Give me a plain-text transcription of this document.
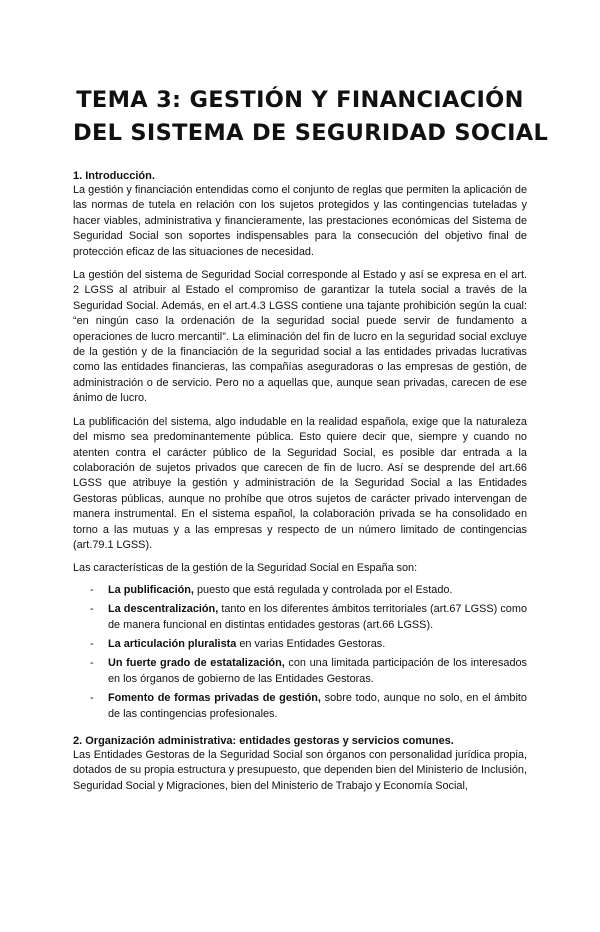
TEMA 3: GESTIÓN Y FINANCIACIÓN
DEL SISTEMA DE SEGURIDAD SOCIAL
1. Introducción.

La gestión y financiación entendidas como el conjunto de reglas que permiten la aplicación de las normas de tutela en relación con los sujetos protegidos y las contingencias tuteladas y hacer viables, administrativa y financieramente, las prestaciones económicas del Sistema de Seguridad Social son soportes indispensables para la consecución del objetivo final de protección eficaz de las situaciones de necesidad.

La gestión del sistema de Seguridad Social corresponde al Estado y así se expresa en el art. 2 LGSS al atribuir al Estado el compromiso de garantizar la tutela social a través de la Seguridad Social. Además, en el art.4.3 LGSS contiene una tajante prohibición según la cual: “en ningún caso la ordenación de la seguridad social puede servir de fundamento a operaciones de lucro mercantil”. La eliminación del fin de lucro en la seguridad social excluye de la gestión y de la financiación de la seguridad social a las entidades privadas lucrativas como las entidades financieras, las compañías aseguradoras o las empresas de gestión, de administración o de servicio. Pero no a aquellas que, aunque sean privadas, carecen de ese ánimo de lucro.

La publificación del sistema, algo indudable en la realidad española, exige que la naturaleza del mismo sea predominantemente pública. Esto quiere decir que, siempre y cuando no atenten contra el carácter público de la Seguridad Social, es posible dar entrada a la colaboración de sujetos privados que carecen de fin de lucro. Así se desprende del art.66 LGSS que atribuye la gestión y administración de la Seguridad Social a las Entidades Gestoras públicas, aunque no prohíbe que otros sujetos de carácter privado intervengan de manera instrumental. En el sistema español, la colaboración privada se ha consolidado en torno a las mutuas y a las empresas y respecto de un número limitado de contingencias (art.79.1 LGSS).

Las características de la gestión de la Seguridad Social en España son:

- La publificación, puesto que está regulada y controlada por el Estado.
- La descentralización, tanto en los diferentes ámbitos territoriales (art.67 LGSS) como de manera funcional en distintas entidades gestoras (art.66 LGSS).
- La articulación pluralista en varias Entidades Gestoras.
- Un fuerte grado de estatalización, con una limitada participación de los interesados en los órganos de gobierno de las Entidades Gestoras.
- Fomento de formas privadas de gestión, sobre todo, aunque no solo, en el ámbito de las contingencias profesionales.
2. Organización administrativa: entidades gestoras y servicios comunes.

Las Entidades Gestoras de la Seguridad Social son órganos con personalidad jurídica propia, dotados de su propia estructura y presupuesto, que dependen bien del Ministerio de Inclusión, Seguridad Social y Migraciones, bien del Ministerio de Trabajo y Economía Social,
